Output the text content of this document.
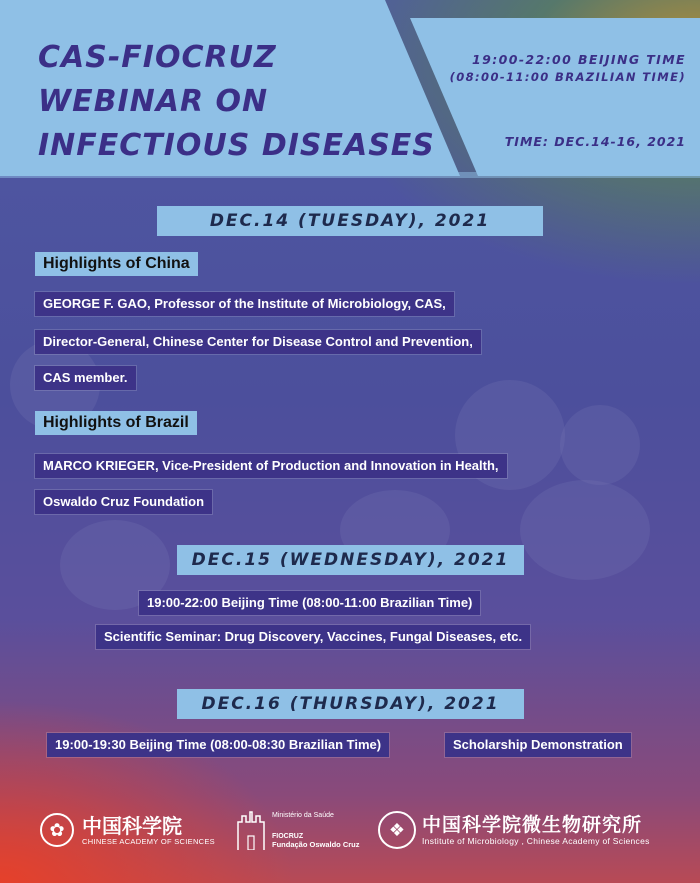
CAS-FIOCRUZ
WEBINAR ON
INFECTIOUS DISEASES
19:00-22:00 BEIJING TIME
(08:00-11:00 BRAZILIAN TIME)
TIME: DEC.14-16, 2021
DEC.14 (TUESDAY), 2021
Highlights of China
GEORGE F. GAO, Professor of the Institute of Microbiology, CAS,
Director-General, Chinese Center for Disease Control and Prevention,
CAS member.
Highlights of Brazil
MARCO KRIEGER, Vice-President of Production and Innovation in Health,
Oswaldo Cruz Foundation
DEC.15 (WEDNESDAY), 2021
19:00-22:00 Beijing Time (08:00-11:00 Brazilian Time)
Scientific Seminar: Drug Discovery, Vaccines, Fungal Diseases, etc.
DEC.16 (THURSDAY), 2021
19:00-19:30 Beijing Time (08:00-08:30 Brazilian Time)	Scholarship Demonstration
✿ 中国科学院
CHINESE ACADEMY OF SCIENCES
Ministério da Saúde
FIOCRUZ
Fundação Oswaldo Cruz
❖ 中国科学院微生物研究所
Institute of Microbiology , Chinese Academy of Sciences
